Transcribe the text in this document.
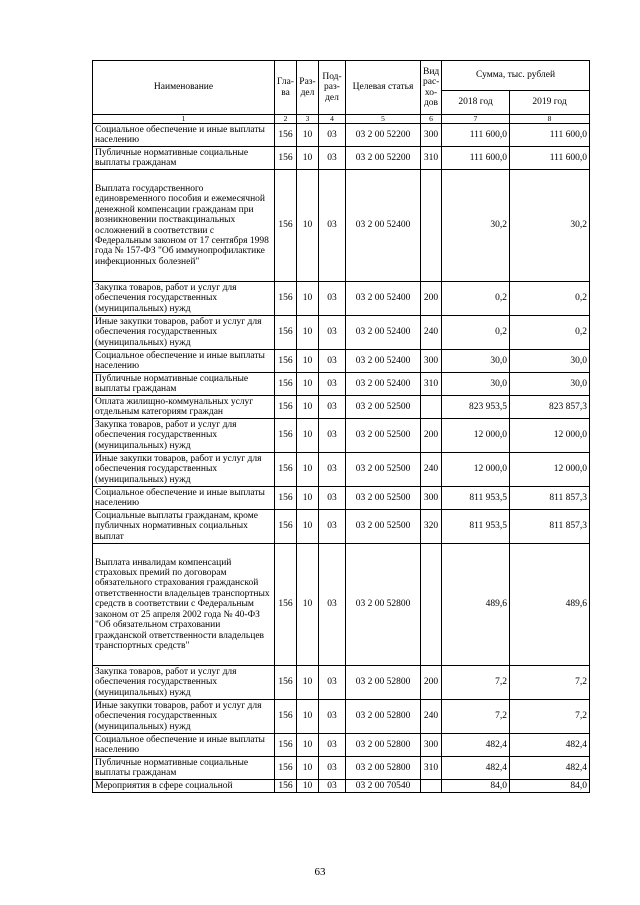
Наименование	Гла-ва	Раз-дел	Под-раз-дел	Целевая статья	Вид рас-хо-дов	Сумма, тыс. рублей	
						2018 год	2019 год
1	2	3	4	5	6	7	8
Социальное обеспечение и иные выплаты населению	156	10	03	03 2 00 52200	300	111 600,0	111 600,0
Публичные нормативные социальные выплаты гражданам	156	10	03	03 2 00 52200	310	111 600,0	111 600,0
Выплата государственного единовременного пособия и ежемесячной денежной компенсации гражданам при возникновении поствакцинальных осложнений в соответствии с Федеральным законом от 17 сентября 1998 года № 157-ФЗ "Об иммунопрофилактике инфекционных болезней"	156	10	03	03 2 00 52400		30,2	30,2
Закупка товаров, работ и услуг для обеспечения государственных (муниципальных) нужд	156	10	03	03 2 00 52400	200	0,2	0,2
Иные закупки товаров, работ и услуг для обеспечения государственных (муниципальных) нужд	156	10	03	03 2 00 52400	240	0,2	0,2
Социальное обеспечение и иные выплаты населению	156	10	03	03 2 00 52400	300	30,0	30,0
Публичные нормативные социальные выплаты гражданам	156	10	03	03 2 00 52400	310	30,0	30,0
Оплата жилищно-коммунальных услуг отдельным категориям граждан	156	10	03	03 2 00 52500		823 953,5	823 857,3
Закупка товаров, работ и услуг для обеспечения государственных (муниципальных) нужд	156	10	03	03 2 00 52500	200	12 000,0	12 000,0
Иные закупки товаров, работ и услуг для обеспечения государственных (муниципальных) нужд	156	10	03	03 2 00 52500	240	12 000,0	12 000,0
Социальное обеспечение и иные выплаты населению	156	10	03	03 2 00 52500	300	811 953,5	811 857,3
Социальные выплаты гражданам, кроме публичных нормативных социальных выплат	156	10	03	03 2 00 52500	320	811 953,5	811 857,3
Выплата инвалидам компенсаций страховых премий по договорам обязательного страхования гражданской ответственности владельцев транспортных средств в соответствии с Федеральным законом от 25 апреля 2002 года № 40-ФЗ "Об обязательном страховании гражданской ответственности владельцев транспортных средств"	156	10	03	03 2 00 52800		489,6	489,6
Закупка товаров, работ и услуг для обеспечения государственных (муниципальных) нужд	156	10	03	03 2 00 52800	200	7,2	7,2
Иные закупки товаров, работ и услуг для обеспечения государственных (муниципальных) нужд	156	10	03	03 2 00 52800	240	7,2	7,2
Социальное обеспечение и иные выплаты населению	156	10	03	03 2 00 52800	300	482,4	482,4
Публичные нормативные социальные выплаты гражданам	156	10	03	03 2 00 52800	310	482,4	482,4
Мероприятия в сфере социальной	156	10	03	03 2 00 70540		84,0	84,0
63
